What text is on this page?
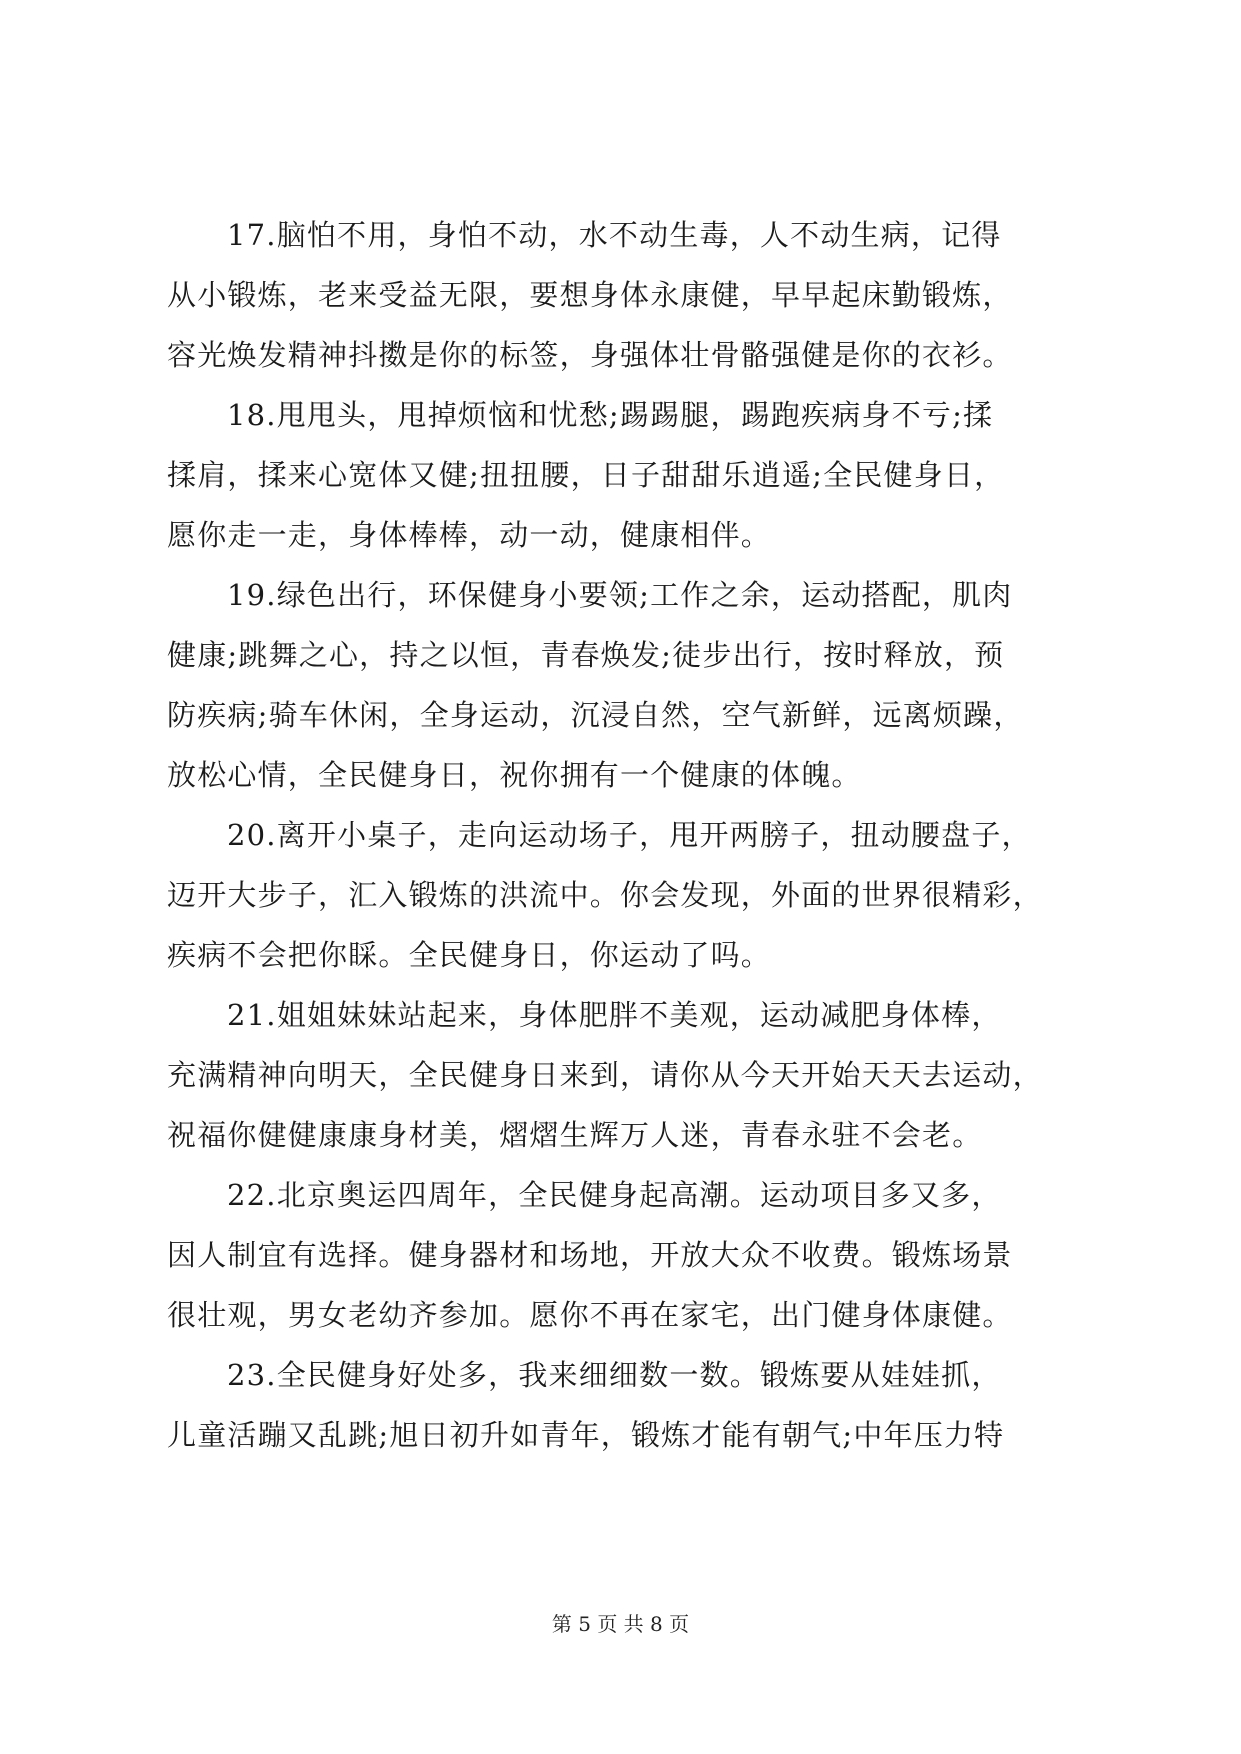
17.脑怕不用，身怕不动，水不动生毒，人不动生病，记得
从小锻炼，老来受益无限，要想身体永康健，早早起床勤锻炼，
容光焕发精神抖擞是你的标签，身强体壮骨骼强健是你的衣衫。
18.甩甩头，甩掉烦恼和忧愁;踢踢腿，踢跑疾病身不亏;揉
揉肩，揉来心宽体又健;扭扭腰，日子甜甜乐逍遥;全民健身日，
愿你走一走，身体棒棒，动一动，健康相伴。
19.绿色出行，环保健身小要领;工作之余，运动搭配，肌肉
健康;跳舞之心，持之以恒，青春焕发;徒步出行，按时释放，预
防疾病;骑车休闲，全身运动，沉浸自然，空气新鲜，远离烦躁，
放松心情，全民健身日，祝你拥有一个健康的体魄。
20.离开小桌子，走向运动场子，甩开两膀子，扭动腰盘子，
迈开大步子，汇入锻炼的洪流中。你会发现，外面的世界很精彩，
疾病不会把你睬。全民健身日，你运动了吗。
21.姐姐妹妹站起来，身体肥胖不美观，运动减肥身体棒，
充满精神向明天，全民健身日来到，请你从今天开始天天去运动，
祝福你健健康康身材美，熠熠生辉万人迷，青春永驻不会老。
22.北京奥运四周年，全民健身起高潮。运动项目多又多，
因人制宜有选择。健身器材和场地，开放大众不收费。锻炼场景
很壮观，男女老幼齐参加。愿你不再在家宅，出门健身体康健。
23.全民健身好处多，我来细细数一数。锻炼要从娃娃抓，
儿童活蹦又乱跳;旭日初升如青年，锻炼才能有朝气;中年压力特
第 5 页 共 8 页
